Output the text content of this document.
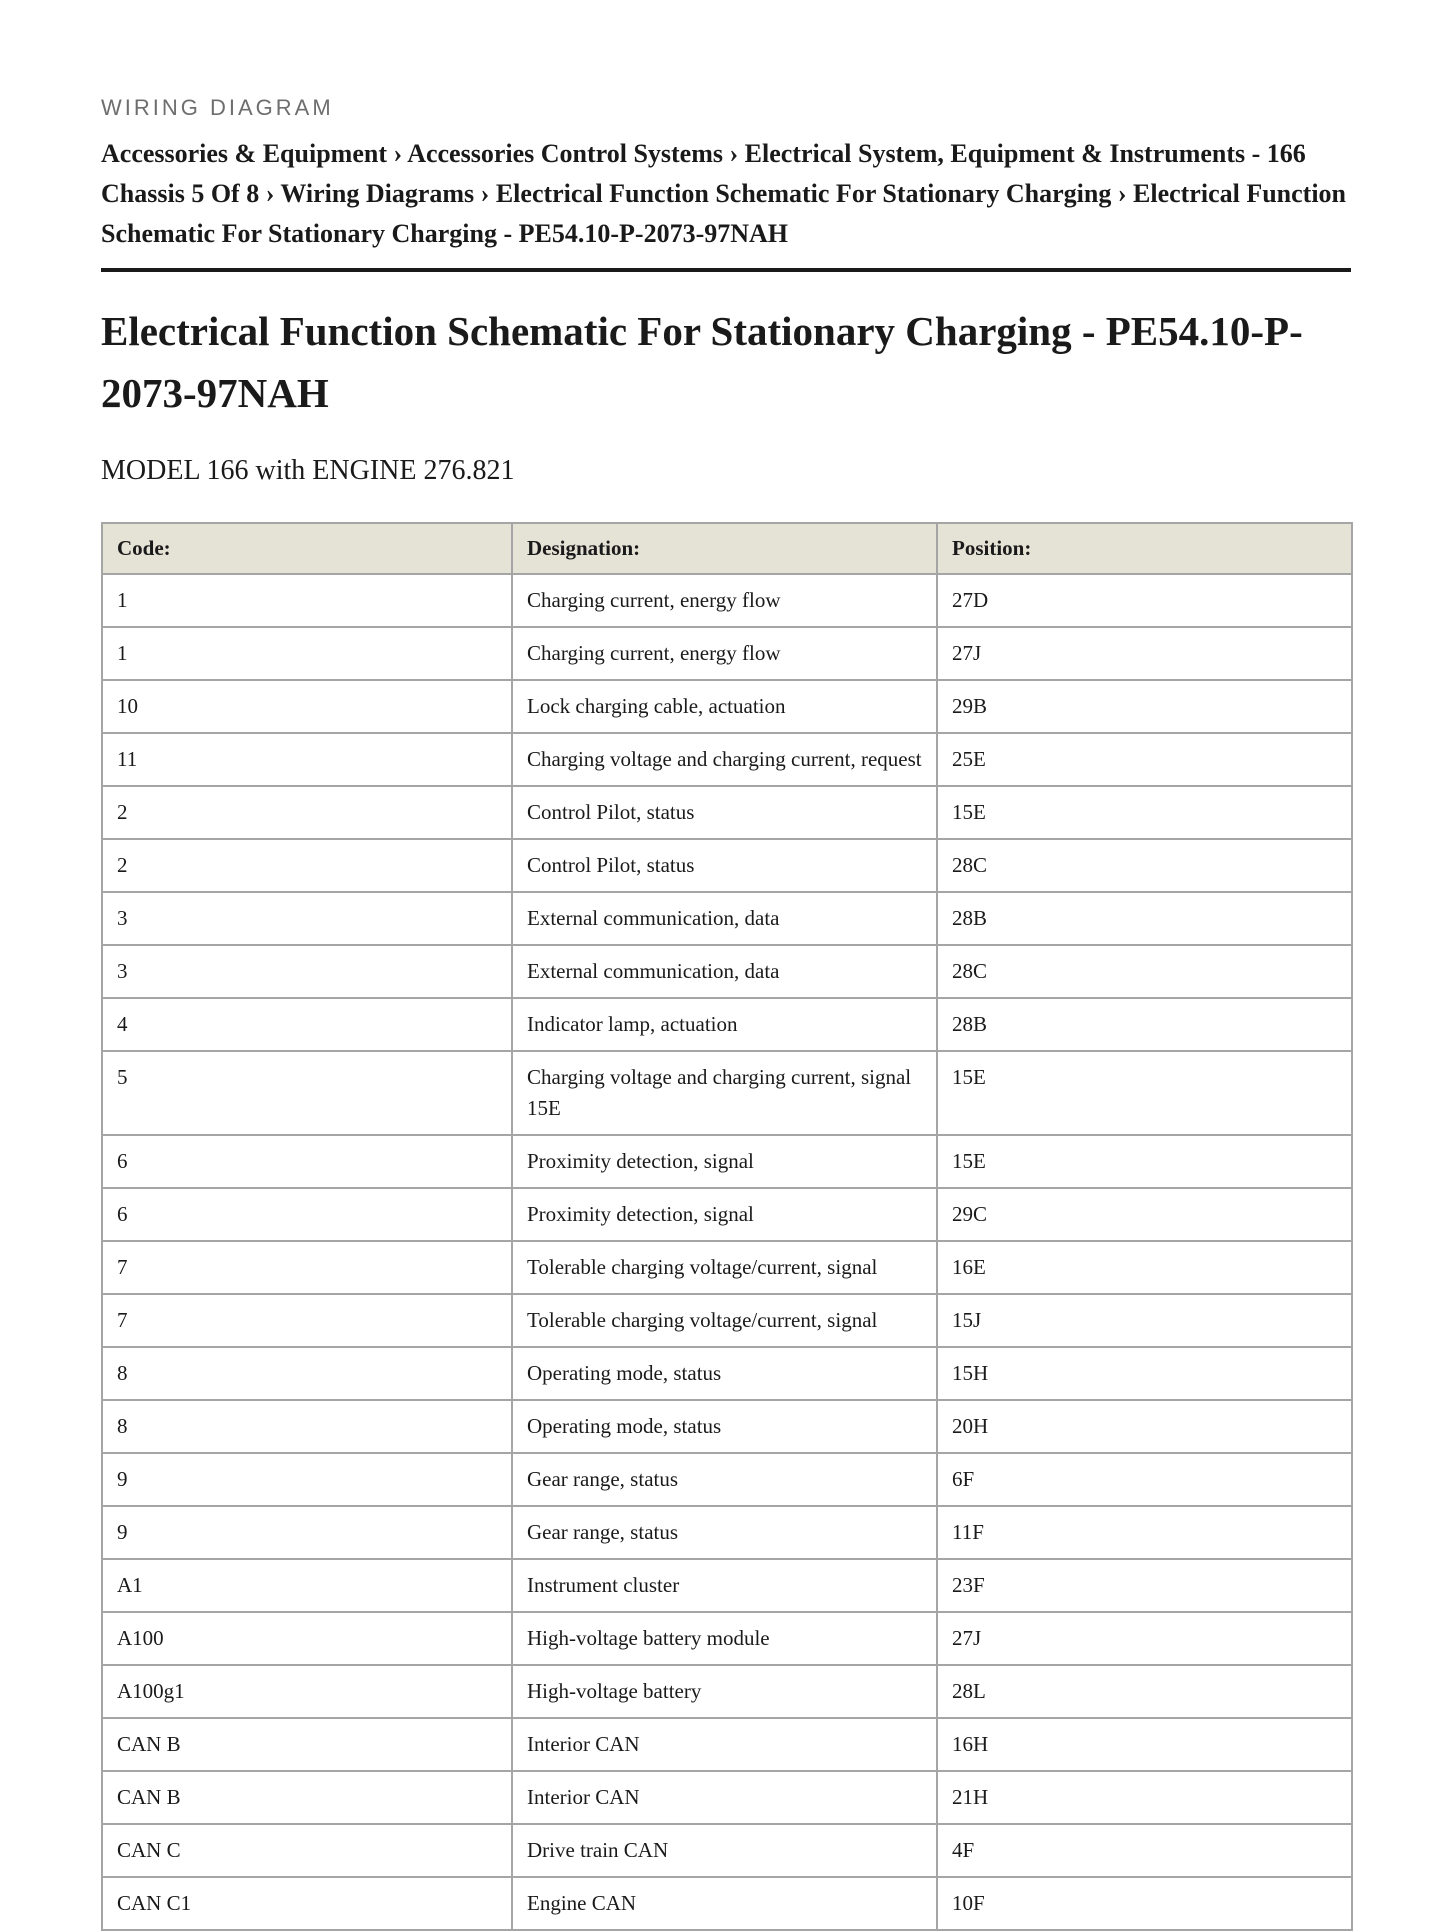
WIRING DIAGRAM
Accessories & Equipment › Accessories Control Systems › Electrical System, Equipment & Instruments - 166 Chassis 5 Of 8 › Wiring Diagrams › Electrical Function Schematic For Stationary Charging › Electrical Function Schematic For Stationary Charging - PE54.10-P-2073-97NAH
Electrical Function Schematic For Stationary Charging - PE54.10-P-2073-97NAH
MODEL 166 with ENGINE 276.821
Code:	Designation:	Position:
1	Charging current, energy flow	27D
1	Charging current, energy flow	27J
10	Lock charging cable, actuation	29B
11	Charging voltage and charging current, request	25E
2	Control Pilot, status	15E
2	Control Pilot, status	28C
3	External communication, data	28B
3	External communication, data	28C
4	Indicator lamp, actuation	28B
5	Charging voltage and charging current, signal 15E	15E
6	Proximity detection, signal	15E
6	Proximity detection, signal	29C
7	Tolerable charging voltage/current, signal	16E
7	Tolerable charging voltage/current, signal	15J
8	Operating mode, status	15H
8	Operating mode, status	20H
9	Gear range, status	6F
9	Gear range, status	11F
A1	Instrument cluster	23F
A100	High-voltage battery module	27J
A100g1	High-voltage battery	28L
CAN B	Interior CAN	16H
CAN B	Interior CAN	21H
CAN C	Drive train CAN	4F
CAN C1	Engine CAN	10F
